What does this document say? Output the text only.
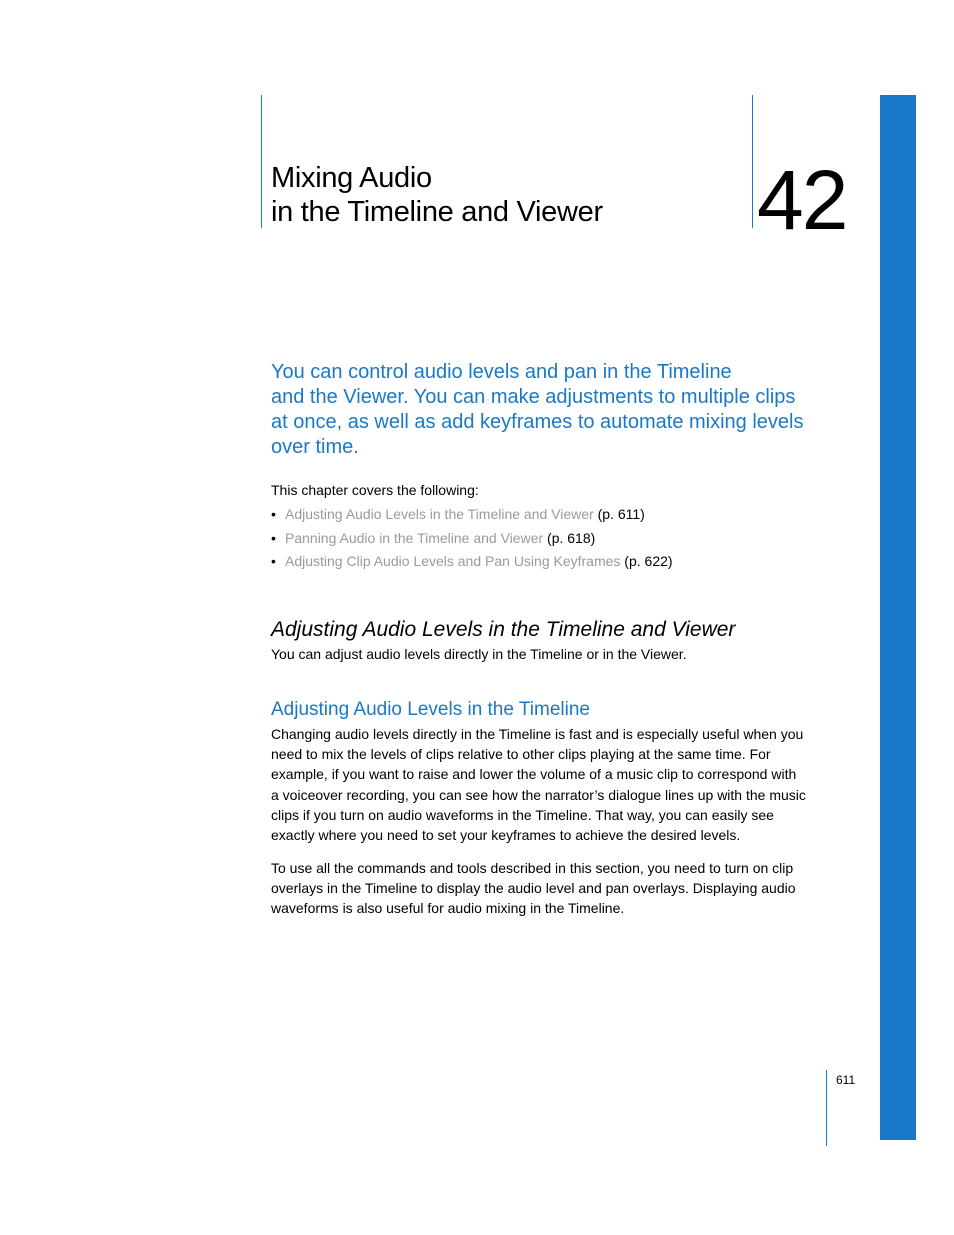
Mixing Audio
in the Timeline and Viewer 42

You can control audio levels and pan in the Timeline
and the Viewer. You can make adjustments to multiple clips
at once, as well as add keyframes to automate mixing levels
over time.

This chapter covers the following:
• Adjusting Audio Levels in the Timeline and Viewer (p. 611)
• Panning Audio in the Timeline and Viewer (p. 618)
• Adjusting Clip Audio Levels and Pan Using Keyframes (p. 622)
Adjusting Audio Levels in the Timeline and Viewer

You can adjust audio levels directly in the Timeline or in the Viewer.

Adjusting Audio Levels in the Timeline

Changing audio levels directly in the Timeline is fast and is especially useful when you
need to mix the levels of clips relative to other clips playing at the same time. For
example, if you want to raise and lower the volume of a music clip to correspond with
a voiceover recording, you can see how the narrator’s dialogue lines up with the music
clips if you turn on audio waveforms in the Timeline. That way, you can easily see
exactly where you need to set your keyframes to achieve the desired levels.

To use all the commands and tools described in this section, you need to turn on clip
overlays in the Timeline to display the audio level and pan overlays. Displaying audio
waveforms is also useful for audio mixing in the Timeline.

611
